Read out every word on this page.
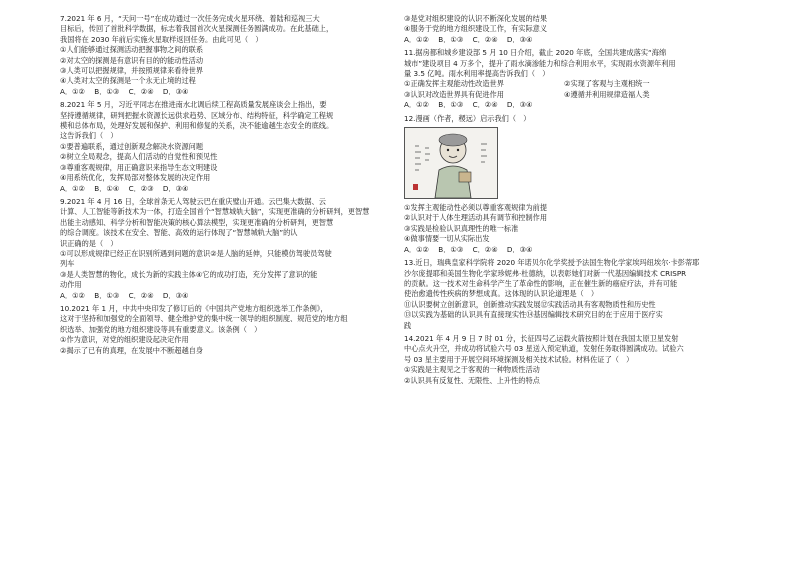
7.2021 年 6 月，“天问一号”在成功通过一次任务完成火星环绕、着陆和巡视三大

目标后，传回了首批科学数据，标志着我国首次火星探测任务圆满成功。在此基础上，

我国将在 2030 年前后实施火星取样返回任务。由此可见（　）

①人们能够通过探测活动把握事物之间的联系

②对太空的探测是有意识有目的的能动性活动

③人类可以把握规律，并按照规律来看待世界

④人类对太空的探测是一个永无止境的过程

A．①② B．①③ C．②④ D．③④

8.2021 年 5 月，习近平同志在推进南水北调后续工程高质量发展座谈会上指出，要

坚持遵循规律，研判把握水资源长远供求趋势、区域分布、结构特征，科学确定工程规

模和总体布局，处理好发展和保护、利用和修复的关系，决不能逾越生态安全的底线。

这告诉我们（　）

①要普遍联系，通过创新观念解决水资源问题

②树立全局观念，提高人们活动的自觉性和预见性

③尊重客观规律，用正确意识来指导生态文明建设

④用系统优化，发挥局部对整体发展的决定作用

A．①② B．①④ C．②③ D．③④

9.2021 年 4 月 16 日，全球首条无人驾驶云巴在重庆璧山开通。云巴集大数据、云

计算、人工智能等新技术为一体，打造全国首个“智慧城轨大脑”，实现更准确的分析研判，更智慧

出能主动感知、科学分析和智能决策的核心算法模型，实现更准确的分析研判，更智慧

的综合调度。该技术在安全、智能、高效的运行体现了“智慧城轨大脑”的认

识正确的是（　）

①可以形成规律已经正在识别所遇到问题的意识②是人脑的延伸，只能模仿驾驶员驾驶

列车

③是人类智慧的物化，成长为新的实践主体④它的成功打造，充分发挥了意识的能

动作用

A．①② B．①③ C．②④ D．③④

10.2021 年 1 月，中共中央印发了修订后的《中国共产党地方组织选举工作条例》，

这对于坚持和加强党的全面领导、健全维护党的集中统一领导的组织制度、规范党的地方组

织选举、加强党的地方组织建设等具有重要意义。该条例（　）

①作为意识，对党的组织建设起决定作用

②揭示了已有的真理，在发展中不断超越自身

③是党对组织建设的认识不断深化发展的结果

④服务于党的地方组织建设工作，有实际意义

A．①② B．①③ C．②④ D．③④

11.据房都和城乡建设部 5 月 10 日介绍，截止 2020 年底，全国共建成落实“海绵

城市”建设项目 4 万多个，提升了雨水滴渗能力和综合利用水平，实现雨水资源年利用

量 3.5 亿吨。雨水利用率提高告诉我们（　）

①正确发挥主观能动性改造世界	②实现了客观与主观相统一

③认识对改造世界具有促进作用	④遵循并利用规律造福人类

A．①② B．①③ C．②④ D．③④

12.漫画（作者，稷远）启示我们（　）

①发挥主观能动性必须以尊重客观规律为前提

②认识对于人体生理活动具有调节和控制作用

③实践是检验认识真理性的唯一标准

④做事情要一切从实际出发

A．①② B．①③ C．②④ D．③④

13.近日，瑞典皇家科学院将 2020 年诺贝尔化学奖授予法国生物化学家埃玛纽埃尔·卡彭蒂耶

沙尔庞提耶和美国生物化学家珍妮弗·杜德纳，以表彰她们对新一代基因编辑技术 CRISPR

的贡献。这一技术对生命科学产生了革命性的影响，正在催生新的癌症疗法，并有可能

使治愈遗传性疾病的梦想成真。这体现的认识论道理是（　）

⑪认识要树立创新意识，创新推动实践发展⑫实践活动具有客观物质性和历史性

⑬以实践为基础的认识具有直接现实性⑭基因编辑技术研究目的在于应用于医疗实

践

14.2021 年 4 月 9 日 7 时 01 分，长征四号乙运载火箭按照计划在我国太原卫星发射

中心点火升空，并成功将试验六号 03 星送入预定轨道，发射任务取得圆满成功。试验六

号 03 星主要用于开展空间环境探测及相关技术试验。材料佐证了（　）

①实践是主观见之于客观的一种物质性活动

②认识具有反复性、无限性、上升性的特点
